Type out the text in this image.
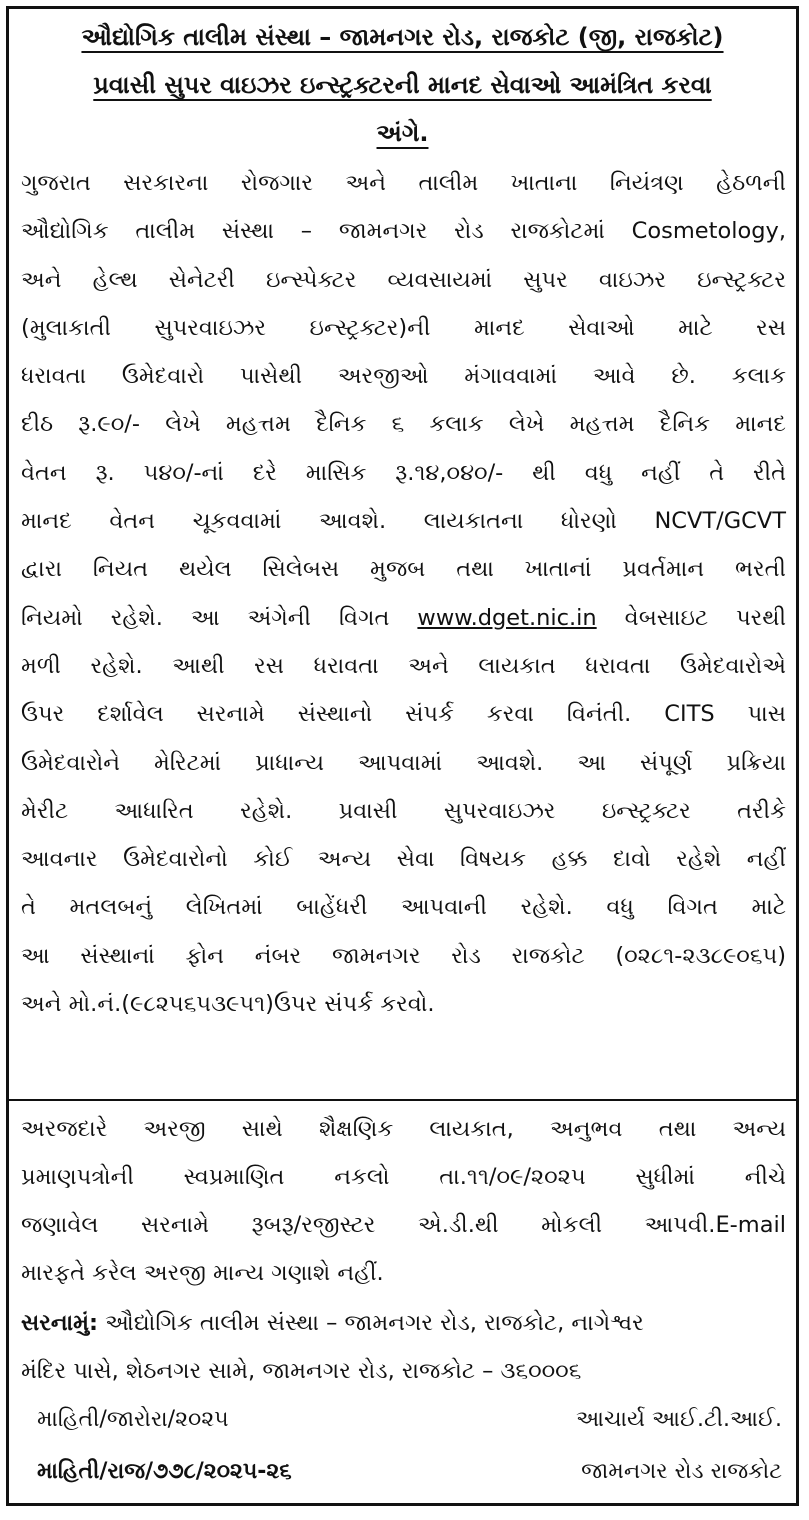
ઔદ્યોગિક તાલીમ સંસ્થા – જામનગર રોડ, રાજકોટ (જી, રાજકોટ)
પ્રવાસી સુપર વાઇઝર ઇન્સ્ટ્રક્ટરની માનદ સેવાઓ આમંત્રિત કરવા
અંગે.

ગુજરાત સરકારના રોજગાર અને તાલીમ ખાતાના નિયંત્રણ હેઠળની

ઔદ્યોગિક તાલીમ સંસ્થા – જામનગર રોડ રાજકોટમાં Cosmetology,

અને હેલ્થ સેનેટરી ઇન્સ્પેક્ટર વ્યવસાયમાં સુપર વાઇઝર ઇન્સ્ટ્રક્ટર

(મુલાકાતી સુપરવાઇઝર ઇન્સ્ટ્રક્ટર)ની માનદ સેવાઓ માટે રસ

ધરાવતા ઉમેદવારો પાસેથી અરજીઓ મંગાવવામાં આવે છે. કલાક

દીઠ રૂ.૯૦/- લેખે મહત્તમ દૈનિક ૬ કલાક લેખે મહત્તમ દૈનિક માનદ

વેતન રૂ. ૫૪૦/-નાં દરે માસિક રૂ.૧૪,૦૪૦/- થી વધુ નહીં તે રીતે

માનદ વેતન ચૂકવવામાં આવશે. લાયકાતના ધોરણો NCVT/GCVT

દ્વારા નિયત થયેલ સિલેબસ મુજબ તથા ખાતાનાં પ્રવર્તમાન ભરતી

નિયમો રહેશે. આ અંગેની વિગત www.dget.nic.in વેબસાઇટ પરથી

મળી રહેશે. આથી રસ ધરાવતા અને લાયકાત ધરાવતા ઉમેદવારોએ

ઉપર દર્શાવેલ સરનામે સંસ્થાનો સંપર્ક કરવા વિનંતી. CITS પાસ

ઉમેદવારોને મેરિટમાં પ્રાધાન્ય આપવામાં આવશે. આ સંપૂર્ણ પ્રક્રિયા

મેરીટ આધારિત રહેશે. પ્રવાસી સુપરવાઇઝર ઇન્સ્ટ્રક્ટર તરીકે

આવનાર ઉમેદવારોનો કોઈ અન્ય સેવા વિષયક હક્ક દાવો રહેશે નહીં

તે મતલબનું લેખિતમાં બાહેંધરી આપવાની રહેશે. વધુ વિગત માટે

આ સંસ્થાનાં ફોન નંબર જામનગર રોડ રાજકોટ (૦૨૮૧-૨૩૮૯૦૬૫)

અને મો.નં.(૯૮૨૫૬૫૩૯૫૧)ઉપર સંપર્ક કરવો.

અરજદારે અરજી સાથે શૈક્ષણિક લાયકાત, અનુભવ તથા અન્ય

પ્રમાણપત્રોની સ્વપ્રમાણિત નકલો તા.૧૧/૦૯/૨૦૨૫ સુધીમાં નીચે

જણાવેલ સરનામે રૂબરૂ/રજીસ્ટર એ.ડી.થી મોકલી આપવી.E-mail

મારફતે કરેલ અરજી માન્ય ગણાશે નહીં.

સરનામું: ઔદ્યોગિક તાલીમ સંસ્થા – જામનગર રોડ, રાજકોટ, નાગેશ્વર

મંદિર પાસે, શેઠનગર સામે, જામનગર રોડ, રાજકોટ – ૩૬૦૦૦૬

માહિતી/જારોરા/૨૦૨૫	આચાર્ય આઈ.ટી.આઈ.
માહિતી/રાજ/૭૭૮/૨૦૨૫-૨૬	જામનગર રોડ રાજકોટ
